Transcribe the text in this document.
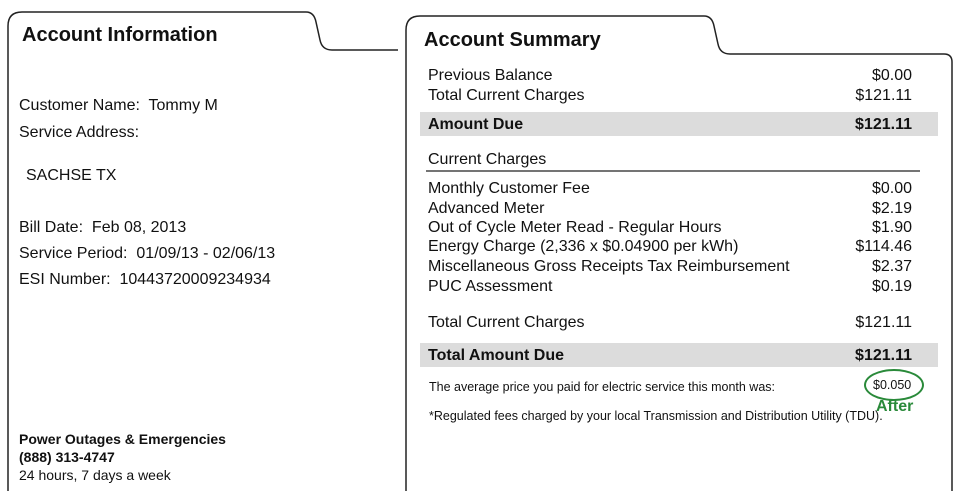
Account Information
Customer Name: Tommy M
Service Address:
SACHSE TX
Bill Date: Feb 08, 2013
Service Period: 01/09/13 - 02/06/13
ESI Number: 10443720009234934
Power Outages & Emergencies
(888) 313-4747
24 hours, 7 days a week
Account Summary
Previous Balance	$0.00
Total Current Charges	$121.11
Amount Due	$121.11
Current Charges
Monthly Customer Fee	$0.00
Advanced Meter	$2.19
Out of Cycle Meter Read - Regular Hours	$1.90
Energy Charge (2,336 x $0.04900 per kWh)	$114.46
Miscellaneous Gross Receipts Tax Reimbursement	$2.37
PUC Assessment	$0.19
Total Current Charges	$121.11
Total Amount Due	$121.11
The average price you paid for electric service this month was:	$0.050
After
*Regulated fees charged by your local Transmission and Distribution Utility (TDU).
